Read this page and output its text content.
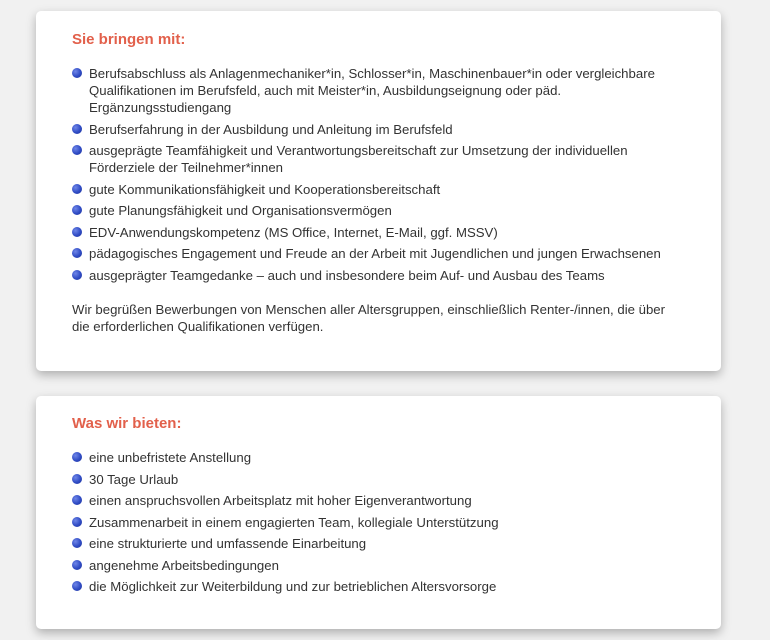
Sie bringen mit:
Berufsabschluss als Anlagenmechaniker*in, Schlosser*in, Maschinenbauer*in oder vergleichbare Qualifikationen im Berufsfeld, auch mit Meister*in, Ausbildungseignung oder päd. Ergänzungsstudiengang
Berufserfahrung in der Ausbildung und Anleitung im Berufsfeld
ausgeprägte Teamfähigkeit und Verantwortungsbereitschaft zur Umsetzung der individuellen Förderziele der Teilnehmer*innen
gute Kommunikationsfähigkeit und Kooperationsbereitschaft
gute Planungsfähigkeit und Organisationsvermögen
EDV-Anwendungskompetenz (MS Office, Internet, E-Mail, ggf. MSSV)
pädagogisches Engagement und Freude an der Arbeit mit Jugendlichen und jungen Erwachsenen
ausgeprägter Teamgedanke – auch und insbesondere beim Auf- und Ausbau des Teams

Wir begrüßen Bewerbungen von Menschen aller Altersgruppen, einschließlich Renter-/innen, die über die erforderlichen Qualifikationen verfügen.

Was wir bieten:
eine unbefristete Anstellung
30 Tage Urlaub
einen anspruchsvollen Arbeitsplatz mit hoher Eigenverantwortung
Zusammenarbeit in einem engagierten Team, kollegiale Unterstützung
eine strukturierte und umfassende Einarbeitung
angenehme Arbeitsbedingungen
die Möglichkeit zur Weiterbildung und zur betrieblichen Altersvorsorge
